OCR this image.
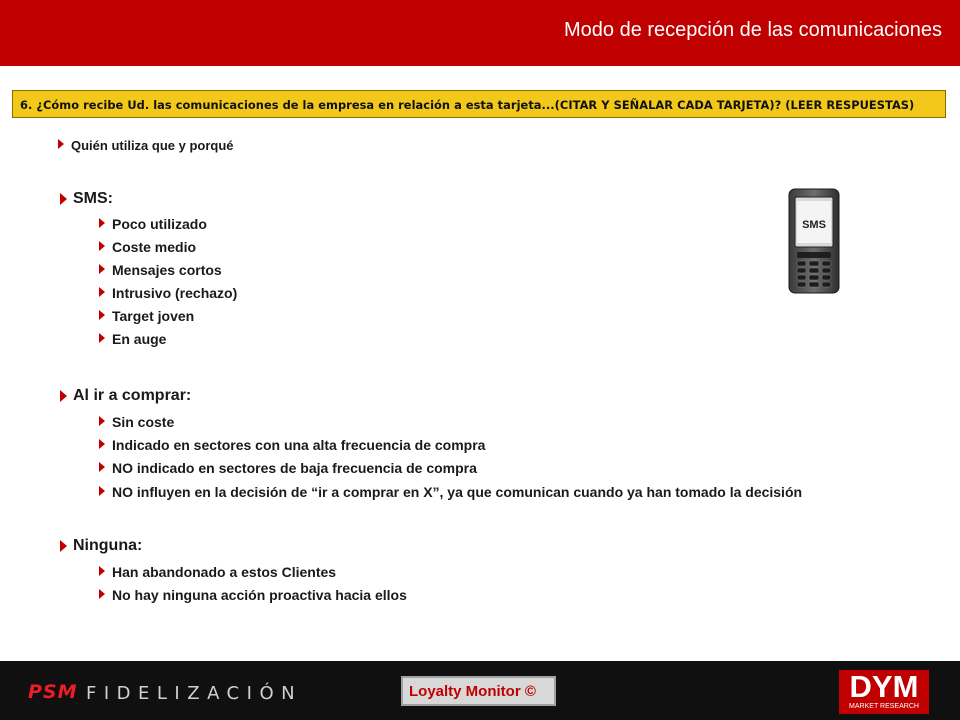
Modo de recepción de las comunicaciones
6. ¿Cómo recibe Ud. las comunicaciones de la empresa en relación a esta tarjeta...(CITAR Y SEÑALAR CADA TARJETA)? (LEER RESPUESTAS)
Quién utiliza que y porqué
SMS:
Poco utilizado
Coste medio
Mensajes cortos
Intrusivo (rechazo)
Target joven
En auge
Al ir a comprar:
Sin coste
Indicado en sectores con una alta frecuencia de compra
NO indicado en sectores de baja frecuencia de compra
NO influyen en la decisión de “ir a comprar en X”, ya que comunican cuando ya han tomado la decisión
Ninguna:
Han abandonado a estos Clientes
No hay ninguna acción proactiva hacia ellos
SMS
PSM FIDELIZACIÓN	Loyalty Monitor ©	DYM
MARKET RESEARCH
